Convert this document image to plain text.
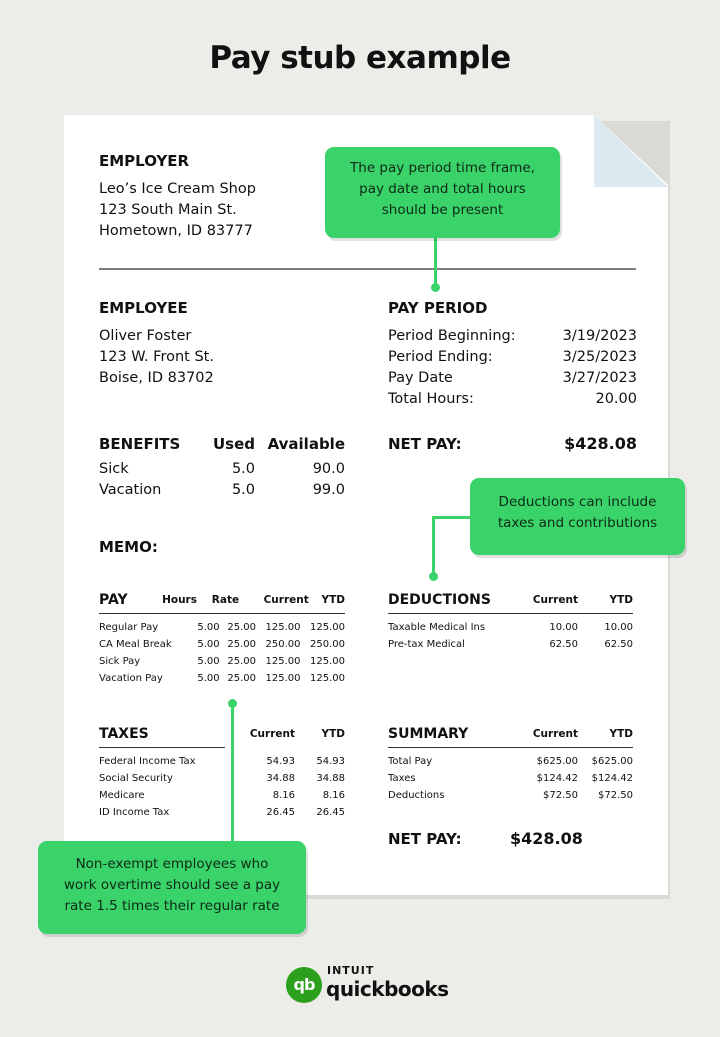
Pay stub example
EMPLOYER
Leo’s Ice Cream Shop
123 South Main St.
Hometown, ID 83777
EMPLOYEE
Oliver Foster
123 W. Front St.
Boise, ID 83702
PAY PERIOD
Period Beginning:	3/19/2023
Period Ending:	3/25/2023
Pay Date	3/27/2023
Total Hours:	20.00
NET PAY:	$428.08
BENEFITS	Used	Available
Sick	5.0	90.0
Vacation	5.0	99.0
MEMO:
PAY	Hours	Rate	Current	YTD
Regular Pay	5.00	25.00	125.00	125.00
CA Meal Break	5.00	25.00	250.00	250.00
Sick Pay	5.00	25.00	125.00	125.00
Vacation Pay	5.00	25.00	125.00	125.00
DEDUCTIONS	Current	YTD
Taxable Medical Ins	10.00	10.00
Pre-tax Medical	62.50	62.50
TAXES	Current	YTD
Federal Income Tax	54.93	54.93
Social Security	34.88	34.88
Medicare	8.16	8.16
ID Income Tax	26.45	26.45
SUMMARY	Current	YTD
Total Pay	$625.00	$625.00
Taxes	$124.42	$124.42
Deductions	$72.50	$72.50
NET PAY:	$428.08
The pay period time frame,
pay date and total hours
should be present
Deductions can include
taxes and contributions
Non-exempt employees who
work overtime should see a pay
rate 1.5 times their regular rate
qb
INTUIT
quickbooks
